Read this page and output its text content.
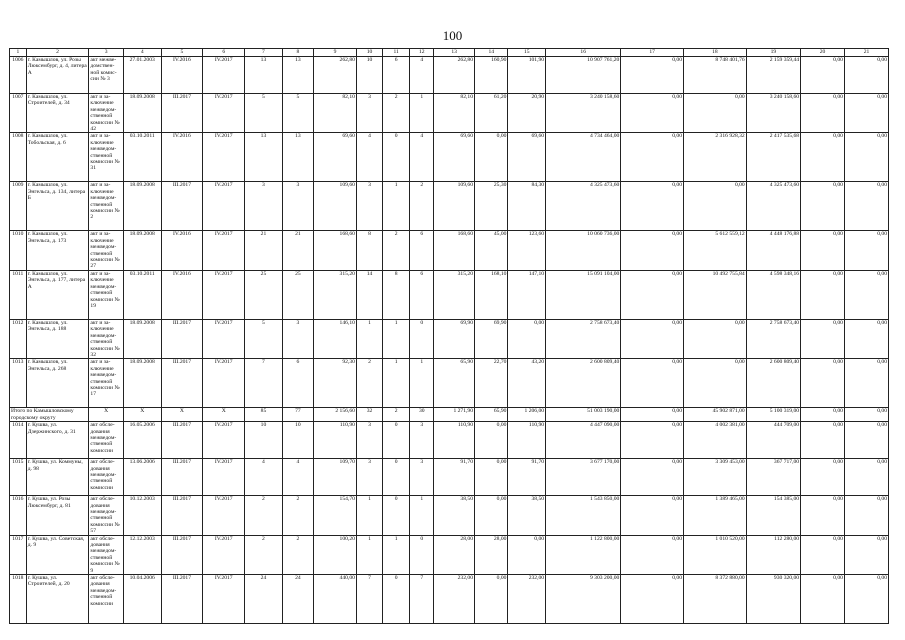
100
1	2	3	4	5	6	7	8	9	10	11	12	13	14	15	16	17	18	19	20	21
1006	г. Камышлов, ул. Розы Люксембург, д. 4, литера А	акт межве-домствен-ной комис-сии № 3	27.01.2003	IV.2016	IV.2017	13	13	262,80	10	6	4	262,80	160,90	101,90	10 907 761,20	0,00	8 748 401,76	2 159 359,44	0,00	0,00
1007	г. Камышлов, ул. Строителей, д. 34	акт и за-ключение межведом-ственной комиссии № 42	18.09.2008	III.2017	IV.2017	5	5	82,10	3	2	1	82,10	61,20	20,90	3 240 158,60	0,00	0,00	3 240 158,60	0,00	0,00
1008	г. Камышлов, ул. Тобольская, д. 6	акт и за-ключение межведом-ственной комиссии № 31	03.10.2011	IV.2016	IV.2017	13	13	69,60	4	0	4	69,60	0,00	69,60	4 734 464,00	0,00	2 316 928,32	2 417 535,68	0,00	0,00
1009	г. Камышлов, ул. Энгельса, д. 134, литера Б	акт и за-ключение межведом-ственной комиссии № 2	18.09.2008	III.2017	IV.2017	3	3	109,60	3	1	2	109,60	25,30	84,30	4 325 473,60	0,00	0,00	4 325 473,60	0,00	0,00
1010	г. Камышлов, ул. Энгельса, д. 173	акт и за-ключение межведом-ственной комиссии № 27	18.09.2008	IV.2016	IV.2017	21	21	168,60	8	2	6	168,60	45,00	123,60	10 060 736,00	0,00	5 612 559,12	4 448 176,88	0,00	0,00
1011	г. Камышлов, ул. Энгельса, д. 177, литера А	акт и за-ключение межведом-ственной комиссии № 19	03.10.2011	IV.2016	IV.2017	25	25	315,20	14	8	6	315,20	168,10	147,10	15 091 104,00	0,00	10 492 755,84	4 598 348,16	0,00	0,00
1012	г. Камышлов, ул. Энгельса, д. 188	акт и за-ключение межведом-ственной комиссии № 32	18.09.2008	III.2017	IV.2017	5	3	146,10	1	1	0	69,90	69,90	0,00	2 758 673,40	0,00	0,00	2 758 673,40	0,00	0,00
1013	г. Камышлов, ул. Энгельса, д. 268	акт и за-ключение межведом-ственной комиссии № 17	18.09.2008	III.2017	IV.2017	7	6	92,30	2	1	1	65,90	22,70	43,20	2 600 809,40	0,00	0,00	2 600 809,40	0,00	0,00
Итого по Камышловскому городскому округу		X	X	X	X	85	77	2 156,60	32	2	30	1 271,90	65,90	1 206,00	51 003 190,00	0,00	45 902 871,00	5 100 319,00	0,00	0,00
1014	г. Кушва, ул. Дзержинского, д. 31	акт обсле-дования межведом-ственной комиссии	16.05.2006	III.2017	IV.2017	10	10	110,90	3	0	3	110,90	0,00	110,90	4 447 090,00	0,00	4 002 381,00	444 709,00	0,00	0,00
1015	г. Кушва, ул. Коммуны, д. 98	акт обсле-дования межведом-ственной комиссии	13.06.2006	III.2017	IV.2017	4	4	109,70	3	0	3	91,70	0,00	91,70	3 677 170,00	0,00	3 309 453,00	367 717,00	0,00	0,00
1016	г. Кушва, ул. Розы Люксембург, д. 81	акт обсле-дования межведом-ственной комиссии № 57	10.12.2003	III.2017	IV.2017	2	2	154,70	1	0	1	38,50	0,00	38,50	1 543 850,00	0,00	1 389 465,00	154 385,00	0,00	0,00
1017	г. Кушва, ул. Советская, д. 9	акт обсле-дования межведом-ственной комиссии № 9	12.12.2003	III.2017	IV.2017	2	2	100,20	1	1	0	28,00	28,00	0,00	1 122 800,00	0,00	1 010 520,00	112 280,00	0,00	0,00
1018	г. Кушва, ул. Строителей, д. 20	акт обсле-дования межведом-ственной комиссии	10.04.2006	III.2017	IV.2017	24	24	440,00	7	0	7	232,00	0,00	232,00	9 303 200,00	0,00	8 372 880,00	930 320,00	0,00	0,00
